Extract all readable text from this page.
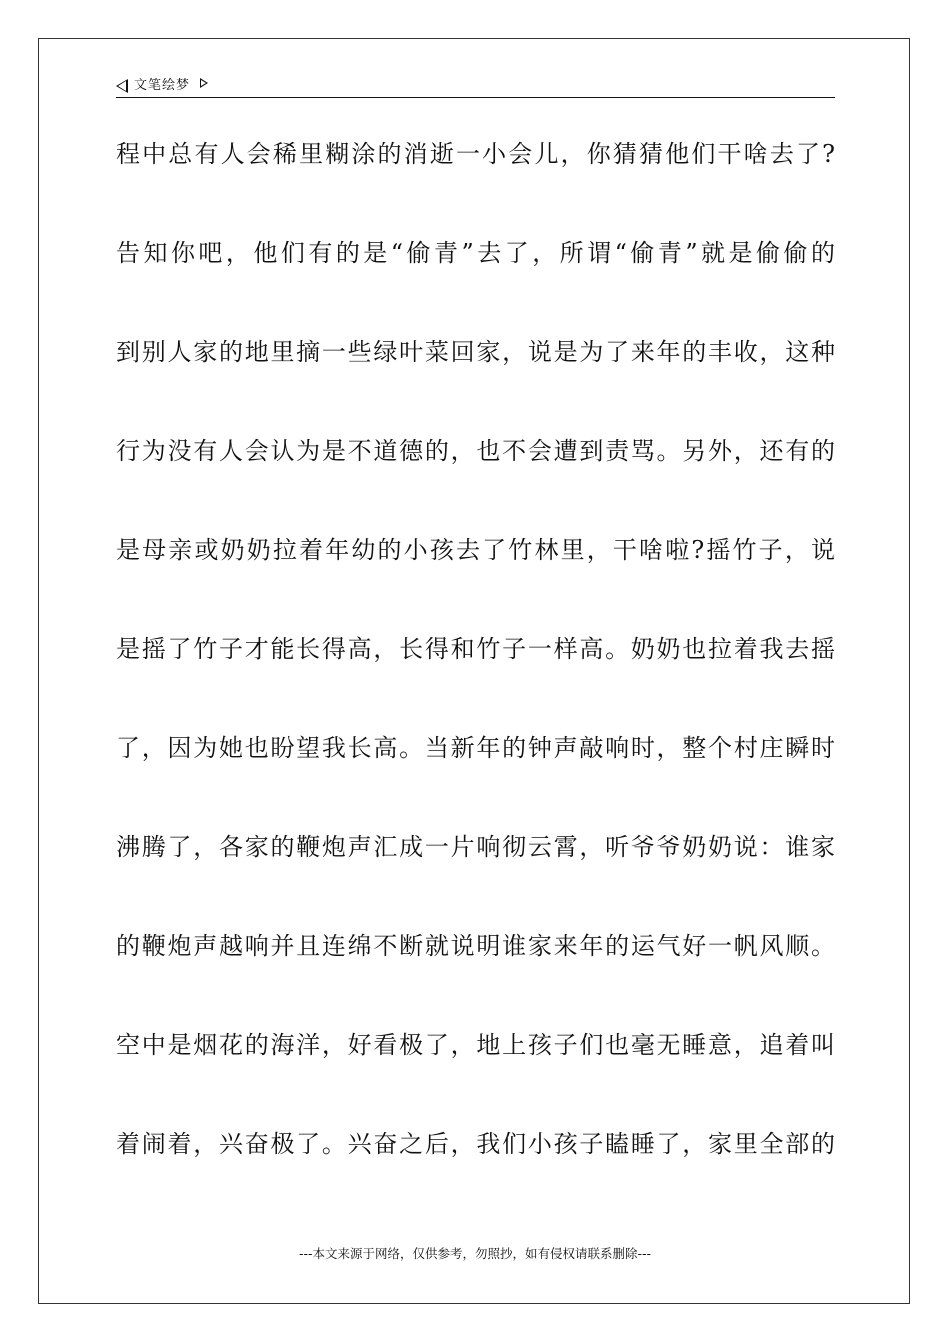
文笔绘梦
程中总有人会稀里糊涂的消逝一小会儿，你猜猜他们干啥去了?
告知你吧，他们有的是“偷青”去了，所谓“偷青”就是偷偷的
到别人家的地里摘一些绿叶菜回家，说是为了来年的丰收，这种
行为没有人会认为是不道德的，也不会遭到责骂。另外，还有的
是母亲或奶奶拉着年幼的小孩去了竹林里，干啥啦?摇竹子，说
是摇了竹子才能长得高，长得和竹子一样高。奶奶也拉着我去摇
了，因为她也盼望我长高。当新年的钟声敲响时，整个村庄瞬时
沸腾了，各家的鞭炮声汇成一片响彻云霄，听爷爷奶奶说：谁家
的鞭炮声越响并且连绵不断就说明谁家来年的运气好一帆风顺。
空中是烟花的海洋，好看极了，地上孩子们也毫无睡意，追着叫
着闹着，兴奋极了。兴奋之后，我们小孩子瞌睡了，家里全部的
---本文来源于网络，仅供参考，勿照抄，如有侵权请联系删除---
